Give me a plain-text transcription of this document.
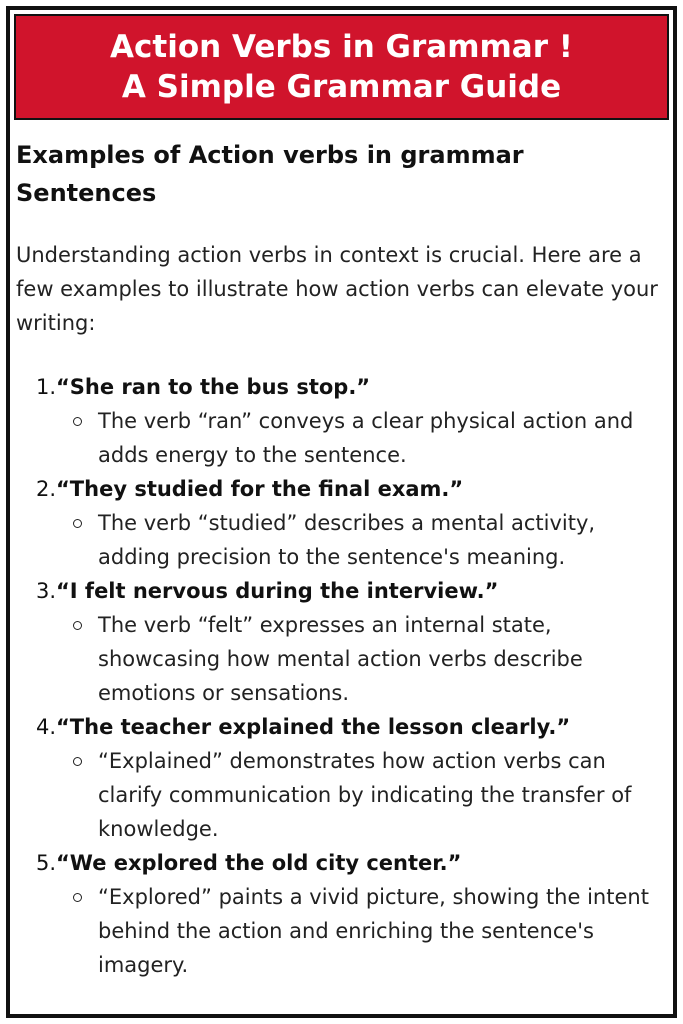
Action Verbs in Grammar !
A Simple Grammar Guide
Examples of Action verbs in grammar Sentences

Understanding action verbs in context is crucial. Here are a few examples to illustrate how action verbs can elevate your writing:

1. “She ran to the bus stop.”
The verb “ran” conveys a clear physical action and adds energy to the sentence.
2. “They studied for the final exam.”
The verb “studied” describes a mental activity, adding precision to the sentence's meaning.
3. “I felt nervous during the interview.”
The verb “felt” expresses an internal state, showcasing how mental action verbs describe emotions or sensations.
4. “The teacher explained the lesson clearly.”
“Explained” demonstrates how action verbs can clarify communication by indicating the transfer of knowledge.
5. “We explored the old city center.”
“Explored” paints a vivid picture, showing the intent behind the action and enriching the sentence's imagery.
